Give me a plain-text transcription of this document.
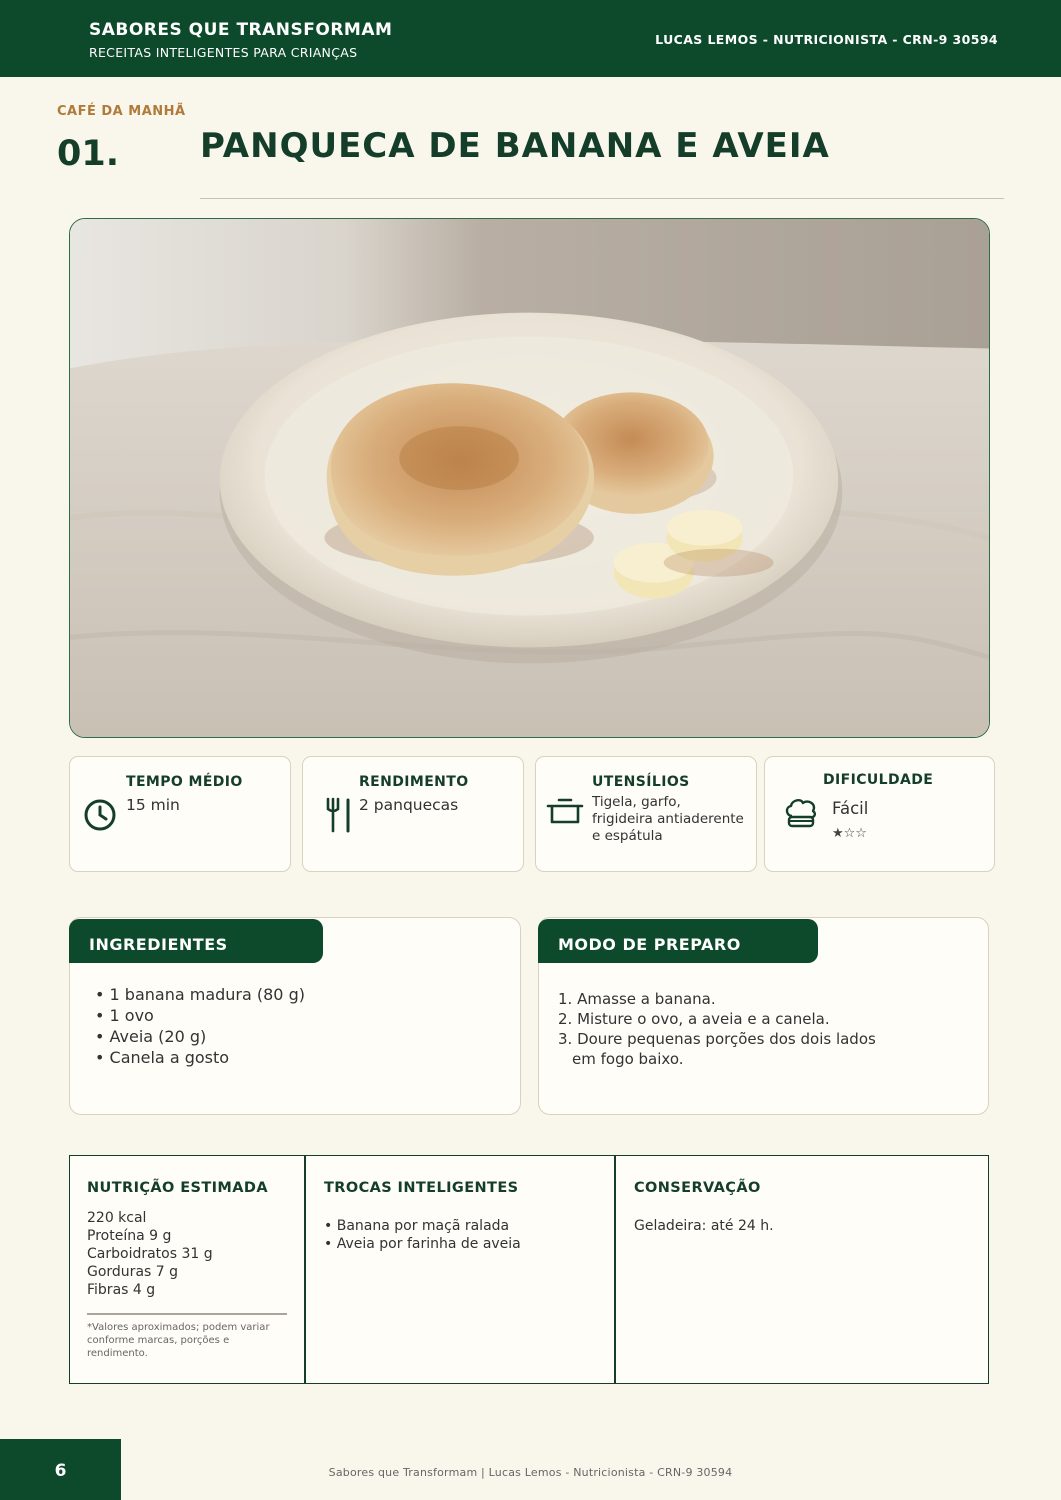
SABORES QUE TRANSFORMAM
RECEITAS INTELIGENTES PARA CRIANÇAS
LUCAS LEMOS - NUTRICIONISTA - CRN-9 30594
CAFÉ DA MANHÃ
01. PANQUECA DE BANANA E AVEIA
TEMPO MÉDIO
15 min
RENDIMENTO
2 panquecas
UTENSÍLIOS
Tigela, garfo,
frigideira antiaderente
e espátula
DIFICULDADE
Fácil
★☆☆
INGREDIENTES
• 1 banana madura (80 g)
• 1 ovo
• Aveia (20 g)
• Canela a gosto
MODO DE PREPARO
1. Amasse a banana.
2. Misture o ovo, a aveia e a canela.
3. Doure pequenas porções dos dois lados
em fogo baixo.
NUTRIÇÃO ESTIMADA
220 kcal
Proteína 9 g
Carboidratos 31 g
Gorduras 7 g
Fibras 4 g
*Valores aproximados; podem variar conforme marcas, porções e rendimento.
TROCAS INTELIGENTES
• Banana por maçã ralada
• Aveia por farinha de aveia
CONSERVAÇÃO
Geladeira: até 24 h.
6	Sabores que Transformam | Lucas Lemos - Nutricionista - CRN-9 30594
